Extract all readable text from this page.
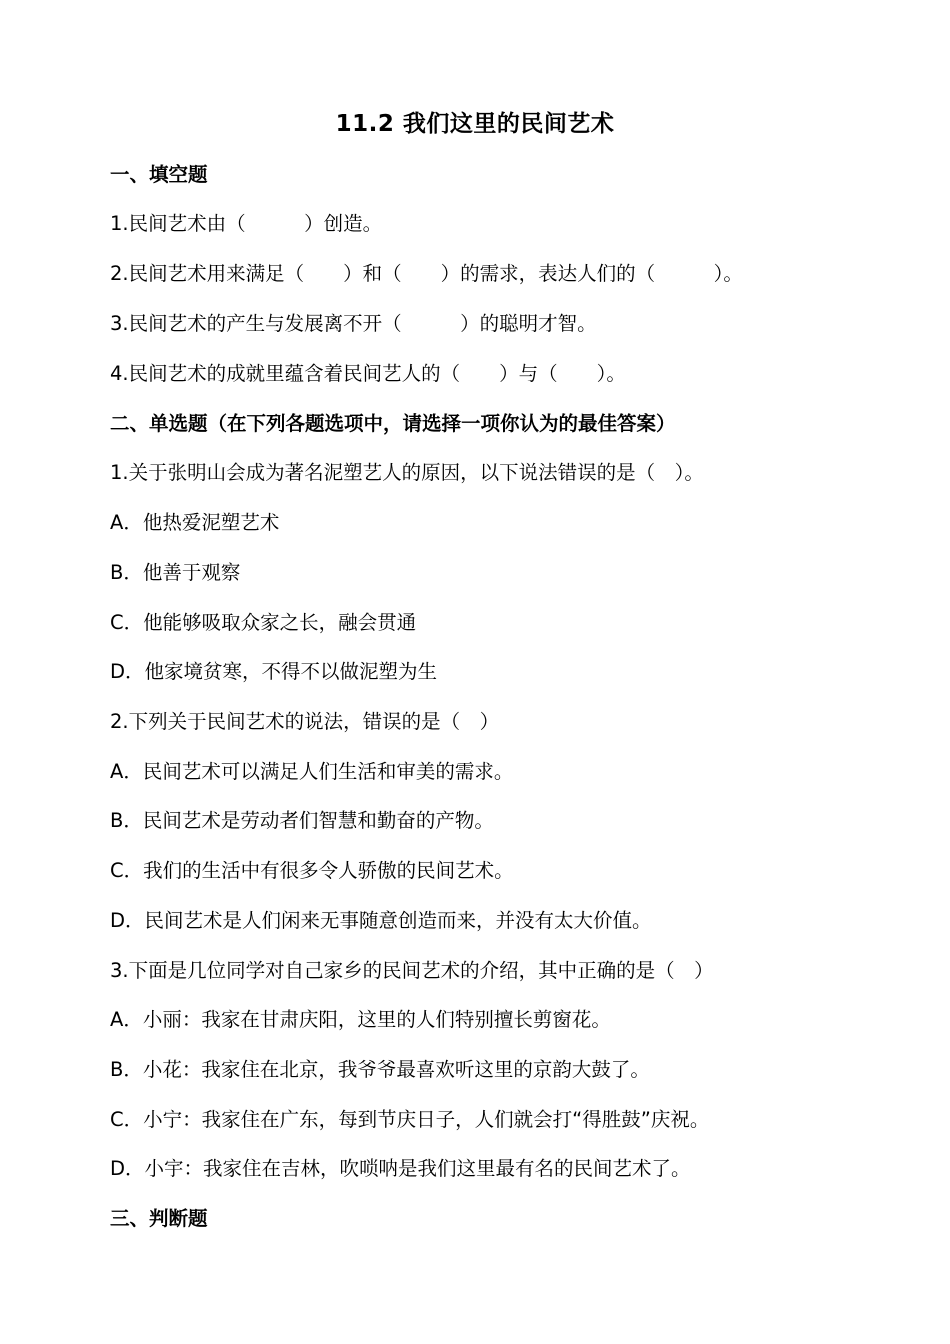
11.2 我们这里的民间艺术
一、填空题
1.民间艺术由（　　　）创造。
2.民间艺术用来满足（　　）和（　　）的需求，表达人们的（　　　）。
3.民间艺术的产生与发展离不开（　　　）的聪明才智。
4.民间艺术的成就里蕴含着民间艺人的（　　）与（　　）。
二、单选题（在下列各题选项中，请选择一项你认为的最佳答案）
1.关于张明山会成为著名泥塑艺人的原因，以下说法错误的是（　）。
A．他热爱泥塑艺术
B．他善于观察
C．他能够吸取众家之长，融会贯通
D．他家境贫寒，不得不以做泥塑为生
2.下列关于民间艺术的说法，错误的是（　）
A．民间艺术可以满足人们生活和审美的需求。
B．民间艺术是劳动者们智慧和勤奋的产物。
C．我们的生活中有很多令人骄傲的民间艺术。
D．民间艺术是人们闲来无事随意创造而来，并没有太大价值。
3.下面是几位同学对自己家乡的民间艺术的介绍，其中正确的是（　）
A．小丽：我家在甘肃庆阳，这里的人们特别擅长剪窗花。
B．小花：我家住在北京，我爷爷最喜欢听这里的京韵大鼓了。
C．小宁：我家住在广东，每到节庆日子，人们就会打“得胜鼓”庆祝。
D．小宇：我家住在吉林，吹唢呐是我们这里最有名的民间艺术了。
三、判断题
